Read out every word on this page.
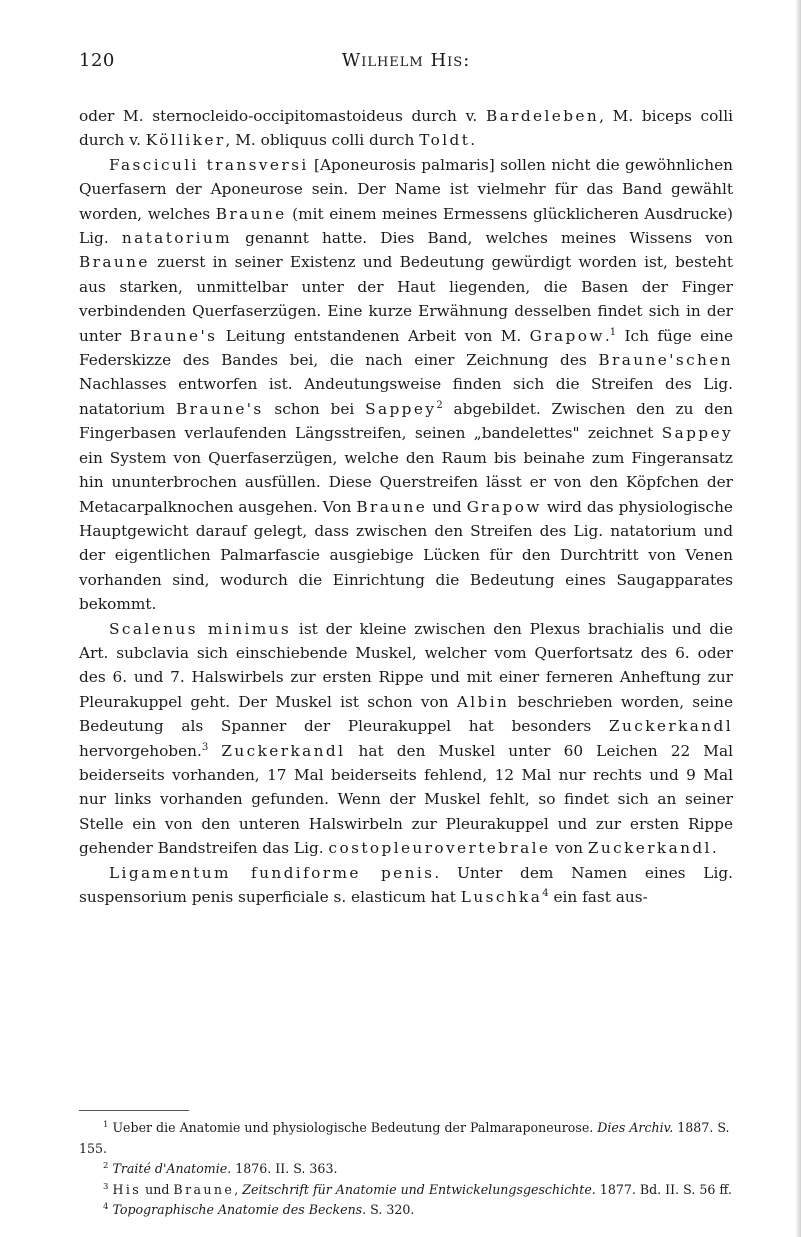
120	Wilhelm His:

oder M. sternocleido-occipitomastoideus durch v. Bardeleben, M. biceps colli durch v. Kölliker, M. obliquus colli durch Toldt.

Fasciculi transversi [Aponeurosis palmaris] sollen nicht die gewöhnlichen Querfasern der Aponeurose sein. Der Name ist vielmehr für das Band gewählt worden, welches Braune (mit einem meines Ermessens glücklicheren Ausdrucke) Lig. natatorium genannt hatte. Dies Band, welches meines Wissens von Braune zuerst in seiner Existenz und Bedeutung gewürdigt worden ist, besteht aus starken, unmittelbar unter der Haut liegenden, die Basen der Finger verbindenden Querfaserzügen. Eine kurze Erwähnung desselben findet sich in der unter Braune's Leitung entstandenen Arbeit von M. Grapow.$^1$ Ich füge eine Federskizze des Bandes bei, die nach einer Zeichnung des Braune'schen Nachlasses entworfen ist. Andeutungsweise finden sich die Streifen des Lig. natatorium Braune's schon bei Sappey$^2$ abgebildet. Zwischen den zu den Fingerbasen verlaufenden Längsstreifen, seinen „bandelettes" zeichnet Sappey ein System von Querfaserzügen, welche den Raum bis beinahe zum Fingeransatz hin ununterbrochen ausfüllen. Diese Querstreifen lässt er von den Köpfchen der Metacarpalknochen ausgehen. Von Braune und Grapow wird das physiologische Hauptgewicht darauf gelegt, dass zwischen den Streifen des Lig. natatorium und der eigentlichen Palmarfascie ausgiebige Lücken für den Durchtritt von Venen vorhanden sind, wodurch die Einrichtung die Bedeutung eines Saugapparates bekommt.

Scalenus minimus ist der kleine zwischen den Plexus brachialis und die Art. subclavia sich einschiebende Muskel, welcher vom Querfortsatz des 6. oder des 6. und 7. Halswirbels zur ersten Rippe und mit einer ferneren Anheftung zur Pleurakuppel geht. Der Muskel ist schon von Albin beschrieben worden, seine Bedeutung als Spanner der Pleurakuppel hat besonders Zuckerkandl hervorgehoben.$^3$ Zuckerkandl hat den Muskel unter 60 Leichen 22 Mal beiderseits vorhanden, 17 Mal beiderseits fehlend, 12 Mal nur rechts und 9 Mal nur links vorhanden gefunden. Wenn der Muskel fehlt, so findet sich an seiner Stelle ein von den unteren Halswirbeln zur Pleurakuppel und zur ersten Rippe gehender Bandstreifen das Lig. costopleurovertebrale von Zuckerkandl.

Ligamentum fundiforme penis. Unter dem Namen eines Lig. suspensorium penis superficiale s. elasticum hat Luschka$^4$ ein fast aus-

$^1$ Ueber die Anatomie und physiologische Bedeutung der Palmaraponeurose. Dies Archiv. 1887. S. 155.

$^2$ Traité d'Anatomie. 1876. II. S. 363.

$^3$ His und Braune, Zeitschrift für Anatomie und Entwickelungsgeschichte. 1877. Bd. II. S. 56 ff.

$^4$ Topographische Anatomie des Beckens. S. 320.
